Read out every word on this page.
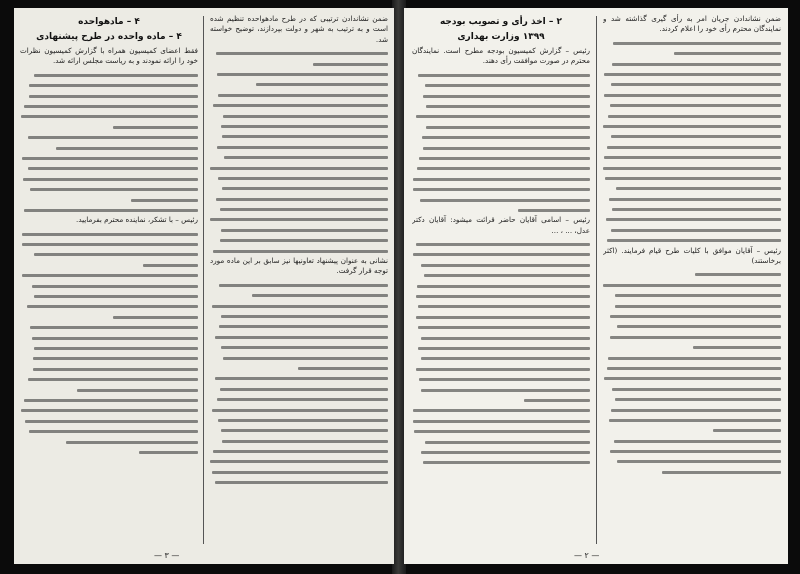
ضمن نشاندادن ترتیبی که در طرح مادهواحده تنظیم شده است و به ترتیب به شهر و دولت بپردازند، توضیح خواسته شد.

نشانی به عنوان پیشنهاد تعاونیها نیز سابق بر این ماده مورد توجه قرار گرفت.

۴ – مادهواحده
۴ – ماده واحده در طرح پیشنهادی

فقط اعضای کمیسیون همراه با گزارش کمیسیون نظرات خود را ارائه نمودند و به ریاست مجلس ارائه شد.

رئیس – با تشکر، نماینده محترم بفرمایید.

— ۳ —

ضمن نشاندادن جریان امر به رأی گیری گذاشته شد و نمایندگان محترم رأی خود را اعلام کردند.

رئیس – آقایان موافق با کلیات طرح قیام فرمایند. (اکثر برخاستند)

۲ – اخذ رأی و تصویب بودجه
۱۳۹۹ وزارت بهداری

رئیس – گزارش کمیسیون بودجه مطرح است. نمایندگان محترم در صورت موافقت رأی دهند.

رئیس – اسامی آقایان حاضر قرائت میشود: آقایان دکتر عدل، ... ، ...

— ۲ —
